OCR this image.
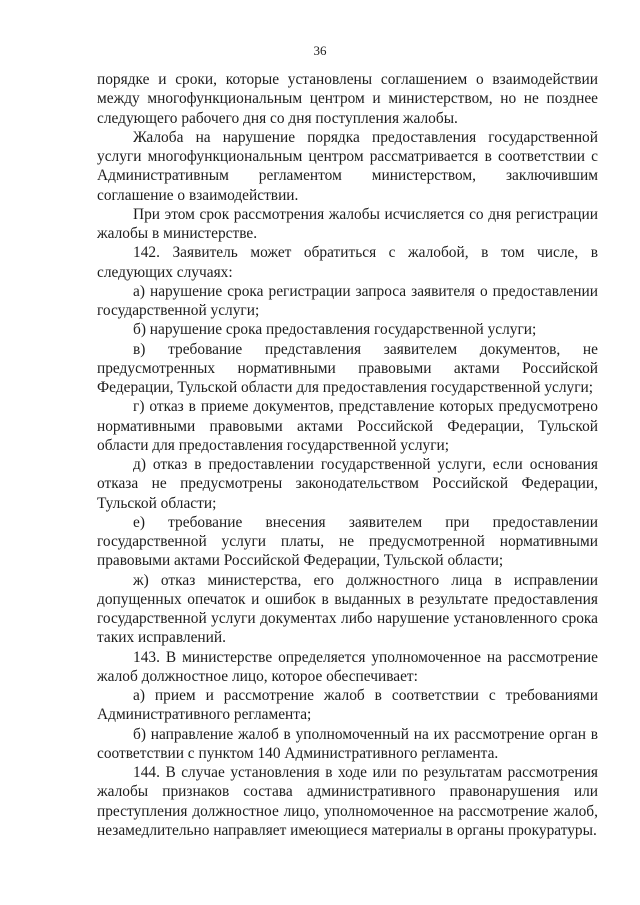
36

порядке и сроки, которые установлены соглашением о взаимодействии между многофункциональным центром и министерством, но не позднее следующего рабочего дня со дня поступления жалобы.

Жалоба на нарушение порядка предоставления государственной услуги многофункциональным центром рассматривается в соответствии с Административным регламентом министерством, заключившим соглашение о взаимодействии.

При этом срок рассмотрения жалобы исчисляется со дня регистрации жалобы в министерстве.

142. Заявитель может обратиться с жалобой, в том числе, в следующих случаях:

а) нарушение срока регистрации запроса заявителя о предоставлении государственной услуги;

б) нарушение срока предоставления государственной услуги;

в) требование представления заявителем документов, не предусмотренных нормативными правовыми актами Российской Федерации, Тульской области для предоставления государственной услуги;

г) отказ в приеме документов, представление которых предусмотрено нормативными правовыми актами Российской Федерации, Тульской области для предоставления государственной услуги;

д) отказ в предоставлении государственной услуги, если основания отказа не предусмотрены законодательством Российской Федерации, Тульской области;

е) требование внесения заявителем при предоставлении государственной услуги платы, не предусмотренной нормативными правовыми актами Российской Федерации, Тульской области;

ж) отказ министерства, его должностного лица в исправлении допущенных опечаток и ошибок в выданных в результате предоставления государственной услуги документах либо нарушение установленного срока таких исправлений.

143. В министерстве определяется уполномоченное на рассмотрение жалоб должностное лицо, которое обеспечивает:

а) прием и рассмотрение жалоб в соответствии с требованиями Административного регламента;

б) направление жалоб в уполномоченный на их рассмотрение орган в соответствии с пунктом 140 Административного регламента.

144. В случае установления в ходе или по результатам рассмотрения жалобы признаков состава административного правонарушения или преступления должностное лицо, уполномоченное на рассмотрение жалоб, незамедлительно направляет имеющиеся материалы в органы прокуратуры.
